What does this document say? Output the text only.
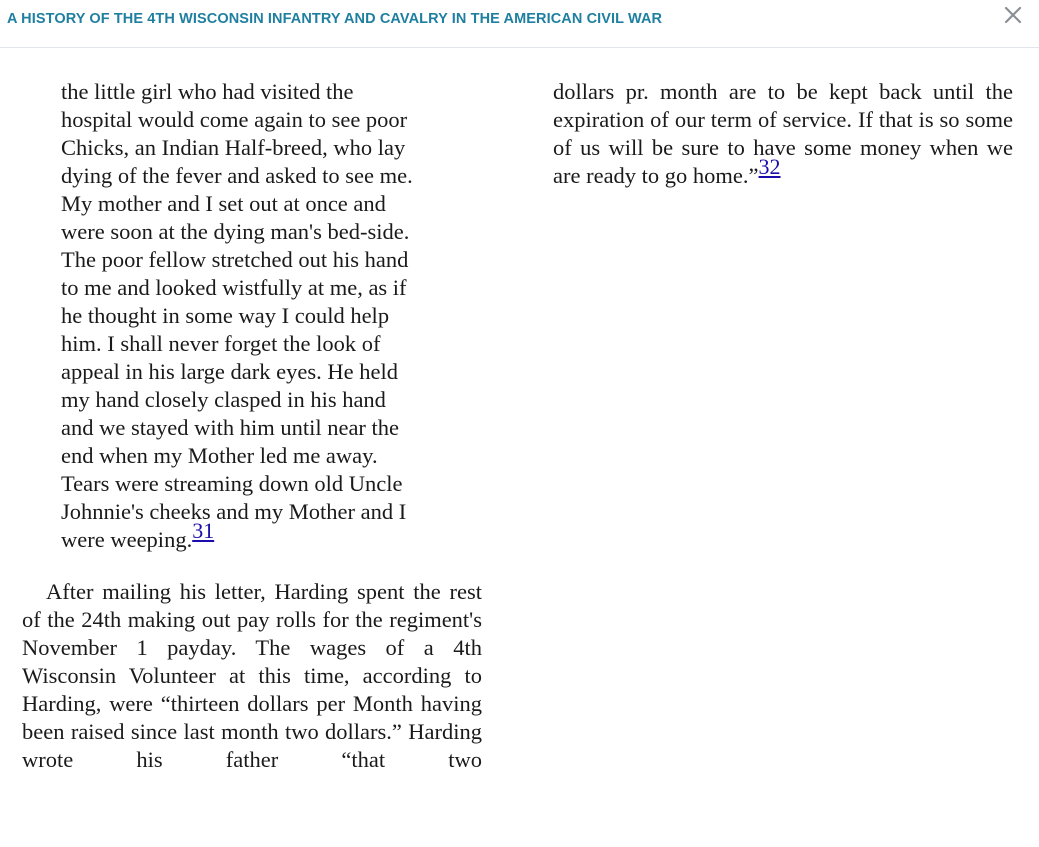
A HISTORY OF THE 4TH WISCONSIN INFANTRY AND CAVALRY IN THE AMERICAN CIVIL WAR
the little girl who had visited the
hospital would come again to see poor
Chicks, an Indian Half-breed, who lay
dying of the fever and asked to see me.
My mother and I set out at once and
were soon at the dying man's bed-side.
The poor fellow stretched out his hand
to me and looked wistfully at me, as if
he thought in some way I could help
him. I shall never forget the look of
appeal in his large dark eyes. He held
my hand closely clasped in his hand
and we stayed with him until near the
end when my Mother led me away.
Tears were streaming down old Uncle
Johnnie's cheeks and my Mother and I
were weeping.31

After mailing his letter, Harding spent the rest of the 24th making out pay rolls for the regiment's November 1 payday. The wages of a 4th Wisconsin Volunteer at this time, according to Harding, were “thirteen dollars per Month having been raised since last month two dollars.” Harding wrote his father “that two

dollars pr. month are to be kept back until the expiration of our term of service. If that is so some of us will be sure to have some money when we are ready to go home.”32
